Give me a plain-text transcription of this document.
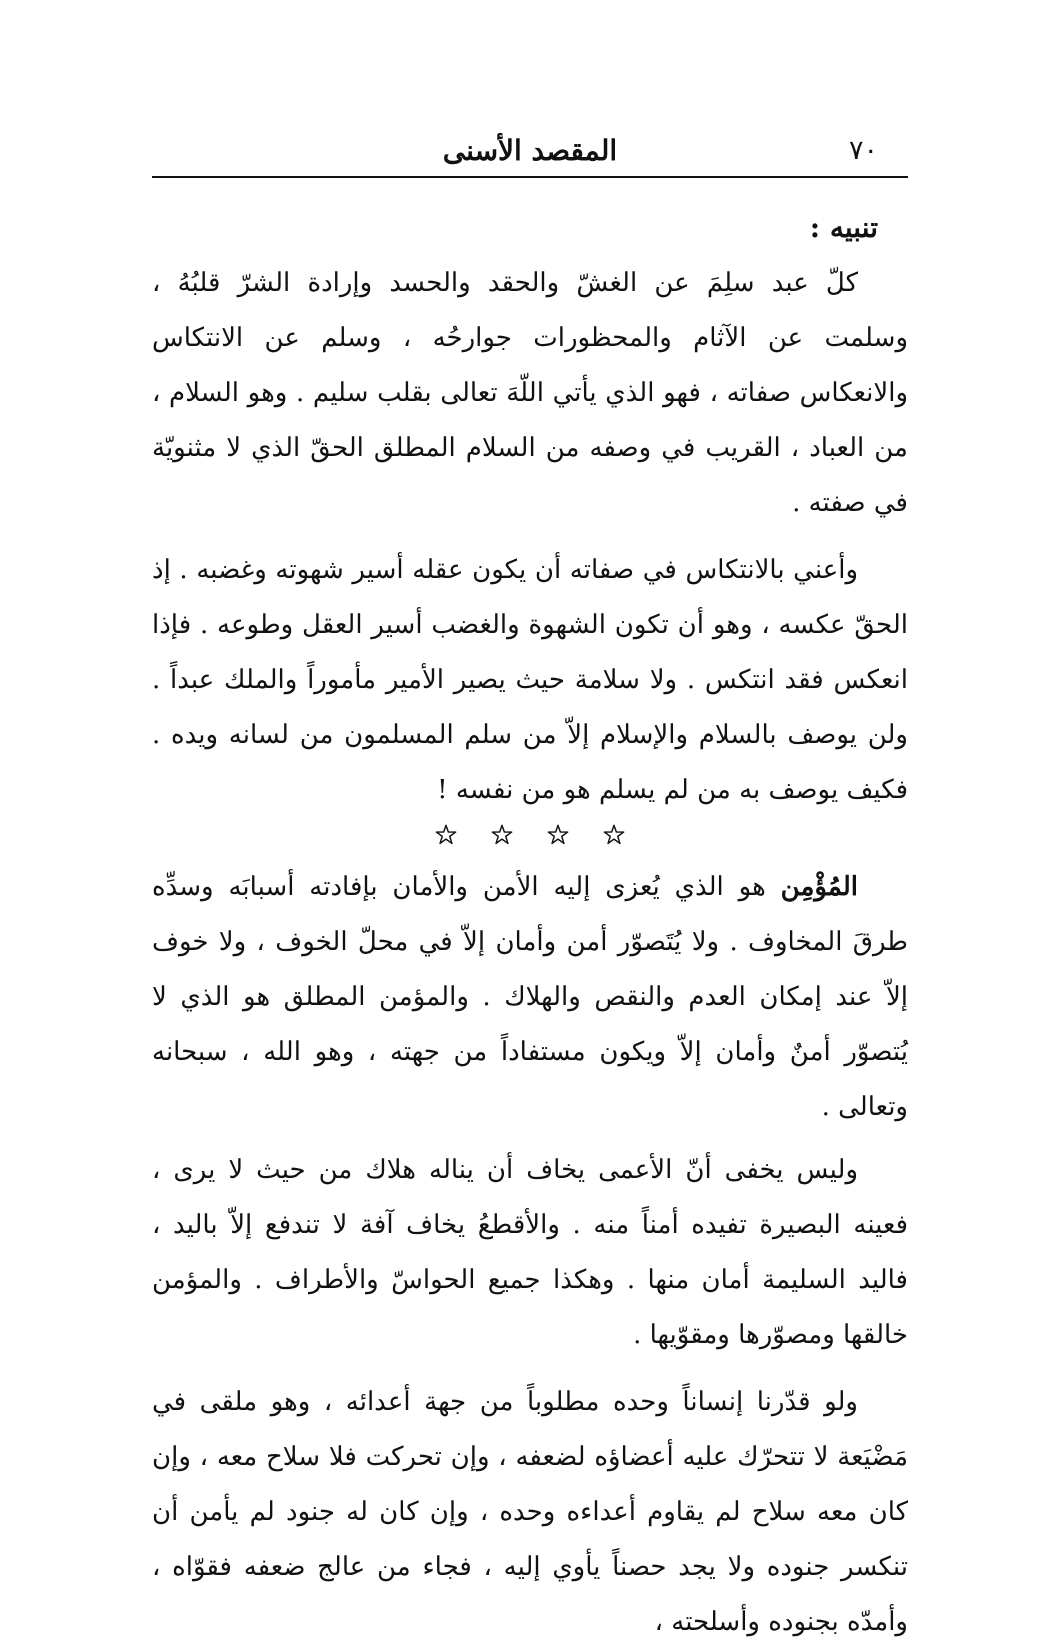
٧٠
المقصد الأسنى
تنبيه :

كلّ عبد سلِمَ عن الغشّ والحقد والحسد وإرادة الشرّ قلبُهُ ، وسلمت عن الآثام والمحظورات جوارحُه ، وسلم عن الانتكاس والانعكاس صفاته ، فهو الذي يأتي اللّهَ تعالى بقلب سليم . وهو السلام ، من العباد ، القريب في وصفه من السلام المطلق الحقّ الذي لا مثنويّة في صفته .

وأعني بالانتكاس في صفاته أن يكون عقله أسير شهوته وغضبه . إذ الحقّ عكسه ، وهو أن تكون الشهوة والغضب أسير العقل وطوعه . فإذا انعكس فقد انتكس . ولا سلامة حيث يصير الأمير مأموراً والملك عبداً . ولن يوصف بالسلام والإسلام إلاّ من سلم المسلمون من لسانه ويده . فكيف يوصف به من لم يسلم هو من نفسه !

المُؤْمِن هو الذي يُعزى إليه الأمن والأمان بإفادته أسبابَه وسدِّه طرقَ المخاوف . ولا يُتَصوّر أمن وأمان إلاّ في محلّ الخوف ، ولا خوف إلاّ عند إمكان العدم والنقص والهلاك . والمؤمن المطلق هو الذي لا يُتصوّر أمنٌ وأمان إلاّ ويكون مستفاداً من جهته ، وهو الله ، سبحانه وتعالى .

وليس يخفى أنّ الأعمى يخاف أن يناله هلاك من حيث لا يرى ، فعينه البصيرة تفيده أمناً منه . والأقطعُ يخاف آفة لا تندفع إلاّ باليد ، فاليد السليمة أمان منها . وهكذا جميع الحواسّ والأطراف . والمؤمن خالقها ومصوّرها ومقوّيها .

ولو قدّرنا إنساناً وحده مطلوباً من جهة أعدائه ، وهو ملقى في مَضْيَعة لا تتحرّك عليه أعضاؤه لضعفه ، وإن تحركت فلا سلاح معه ، وإن كان معه سلاح لم يقاوم أعداءه وحده ، وإن كان له جنود لم يأمن أن تنكسر جنوده ولا يجد حصناً يأوي إليه ، فجاء من عالج ضعفه فقوّاه ، وأمدّه بجنوده وأسلحته ،
